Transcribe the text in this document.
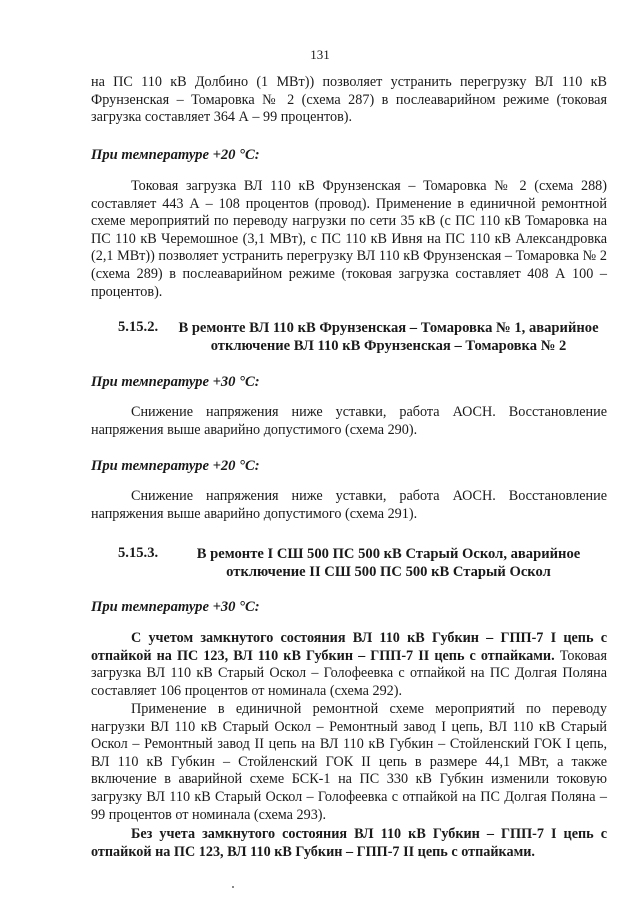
131

на ПС 110 кВ Долбино (1 МВт)) позволяет устранить перегрузку ВЛ 110 кВ Фрунзенская – Томаровка № 2 (схема 287) в послеаварийном режиме (токовая загрузка составляет 364 А – 99 процентов).

При температуре +20 °С:

Токовая загрузка ВЛ 110 кВ Фрунзенская – Томаровка № 2 (схема 288) составляет 443 А – 108 процентов (провод). Применение в единичной ремонтной схеме мероприятий по переводу нагрузки по сети 35 кВ (с ПС 110 кВ Томаровка на ПС 110 кВ Черемошное (3,1 МВт), с ПС 110 кВ Ивня на ПС 110 кВ Александровка (2,1 МВт)) позволяет устранить перегрузку ВЛ 110 кВ Фрунзенская – Томаровка № 2 (схема 289) в послеаварийном режиме (токовая загрузка составляет 408 А 100 – процентов).

5.15.2.	В ремонте ВЛ 110 кВ Фрунзенская – Томаровка № 1, аварийное отключение ВЛ 110 кВ Фрунзенская – Томаровка № 2

При температуре +30 °С:

Снижение напряжения ниже уставки, работа АОСН. Восстановление напряжения выше аварийно допустимого (схема 290).

При температуре +20 °С:

Снижение напряжения ниже уставки, работа АОСН. Восстановление напряжения выше аварийно допустимого (схема 291).

5.15.3.	В ремонте I СШ 500 ПС 500 кВ Старый Оскол, аварийное отключение II СШ 500 ПС 500 кВ Старый Оскол

При температуре +30 °С:

С учетом замкнутого состояния ВЛ 110 кВ Губкин – ГПП-7 I цепь с отпайкой на ПС 123, ВЛ 110 кВ Губкин – ГПП-7 II цепь с отпайками. Токовая загрузка ВЛ 110 кВ Старый Оскол – Голофеевка с отпайкой на ПС Долгая Поляна составляет 106 процентов от номинала (схема 292).

Применение в единичной ремонтной схеме мероприятий по переводу нагрузки ВЛ 110 кВ Старый Оскол – Ремонтный завод I цепь, ВЛ 110 кВ Старый Оскол – Ремонтный завод II цепь на ВЛ 110 кВ Губкин – Стойленский ГОК I цепь, ВЛ 110 кВ Губкин – Стойленский ГОК II цепь в размере 44,1 МВт, а также включение в аварийной схеме БСК-1 на ПС 330 кВ Губкин изменили токовую загрузку ВЛ 110 кВ Старый Оскол – Голофеевка с отпайкой на ПС Долгая Поляна – 99 процентов от номинала (схема 293).

Без учета замкнутого состояния ВЛ 110 кВ Губкин – ГПП-7 I цепь с отпайкой на ПС 123, ВЛ 110 кВ Губкин – ГПП-7 II цепь с отпайками.
